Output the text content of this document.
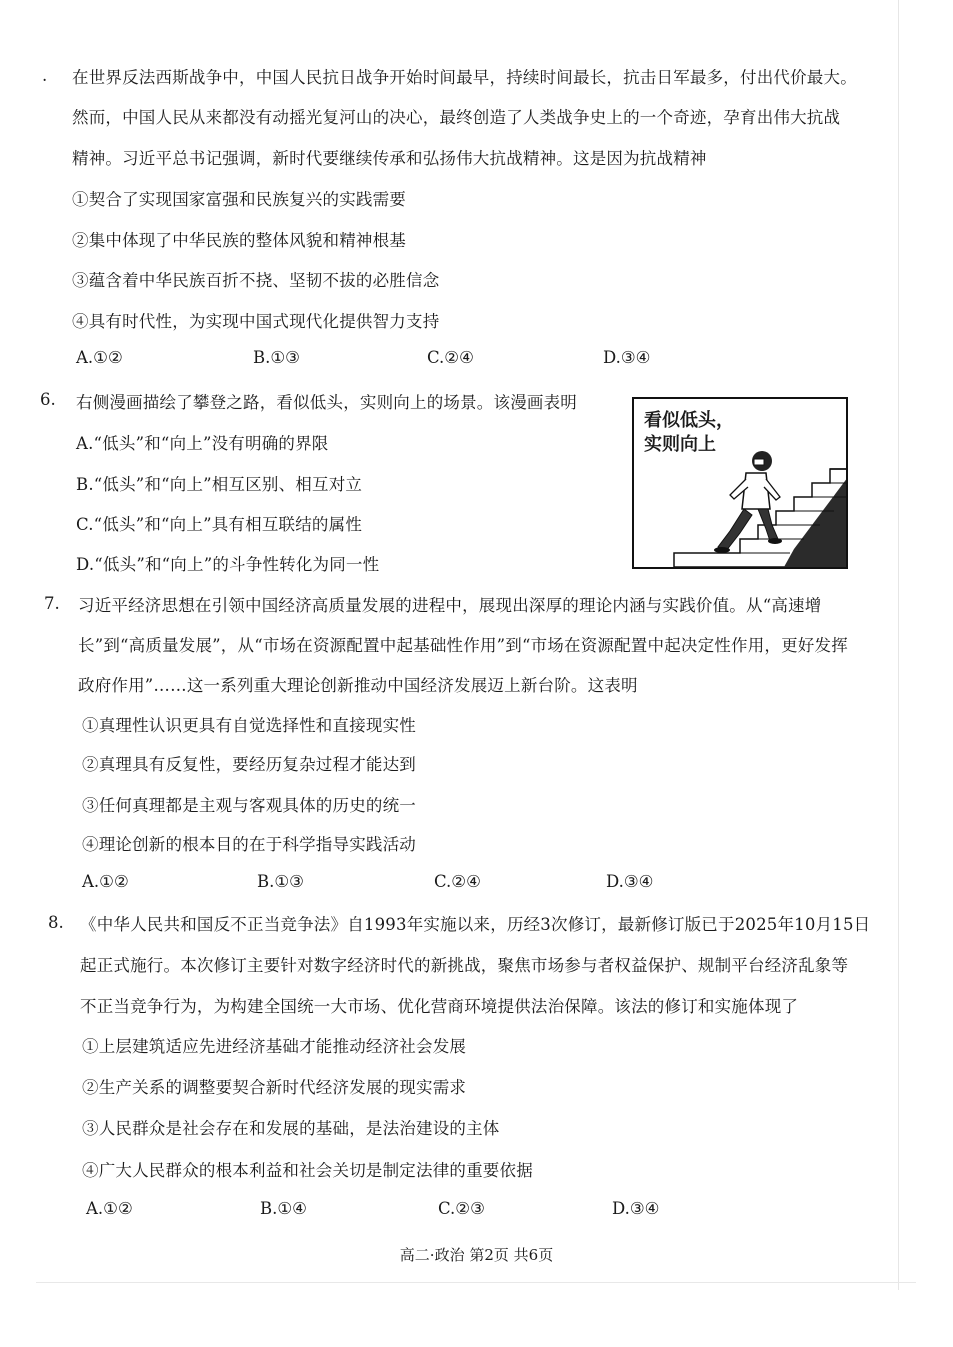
. 在世界反法西斯战争中，中国人民抗日战争开始时间最早，持续时间最长，抗击日军最多，付出代价最大。
然而，中国人民从来都没有动摇光复河山的决心，最终创造了人类战争史上的一个奇迹，孕育出伟大抗战
精神。习近平总书记强调，新时代要继续传承和弘扬伟大抗战精神。这是因为抗战精神
①契合了实现国家富强和民族复兴的实践需要
②集中体现了中华民族的整体风貌和精神根基
③蕴含着中华民族百折不挠、坚韧不拔的必胜信念
④具有时代性，为实现中国式现代化提供智力支持
A.①②	B.①③	C.②④	D.③④
6. 右侧漫画描绘了攀登之路，看似低头，实则向上的场景。该漫画表明
A.“低头”和“向上”没有明确的界限
B.“低头”和“向上”相互区别、相互对立
C.“低头”和“向上”具有相互联结的属性
D.“低头”和“向上”的斗争性转化为同一性
看似低头，
实则向上
7. 习近平经济思想在引领中国经济高质量发展的进程中，展现出深厚的理论内涵与实践价值。从“高速增
长”到“高质量发展”，从“市场在资源配置中起基础性作用”到“市场在资源配置中起决定性作用，更好发挥
政府作用”……这一系列重大理论创新推动中国经济发展迈上新台阶。这表明
①真理性认识更具有自觉选择性和直接现实性
②真理具有反复性，要经历复杂过程才能达到
③任何真理都是主观与客观具体的历史的统一
④理论创新的根本目的在于科学指导实践活动
A.①②	B.①③	C.②④	D.③④
8. 《中华人民共和国反不正当竞争法》自1993年实施以来，历经3次修订，最新修订版已于2025年10月15日
起正式施行。本次修订主要针对数字经济时代的新挑战，聚焦市场参与者权益保护、规制平台经济乱象等
不正当竞争行为，为构建全国统一大市场、优化营商环境提供法治保障。该法的修订和实施体现了
①上层建筑适应先进经济基础才能推动经济社会发展
②生产关系的调整要契合新时代经济发展的现实需求
③人民群众是社会存在和发展的基础，是法治建设的主体
④广大人民群众的根本利益和社会关切是制定法律的重要依据
A.①②	B.①④	C.②③	D.③④
高二·政治 第2页 共6页
